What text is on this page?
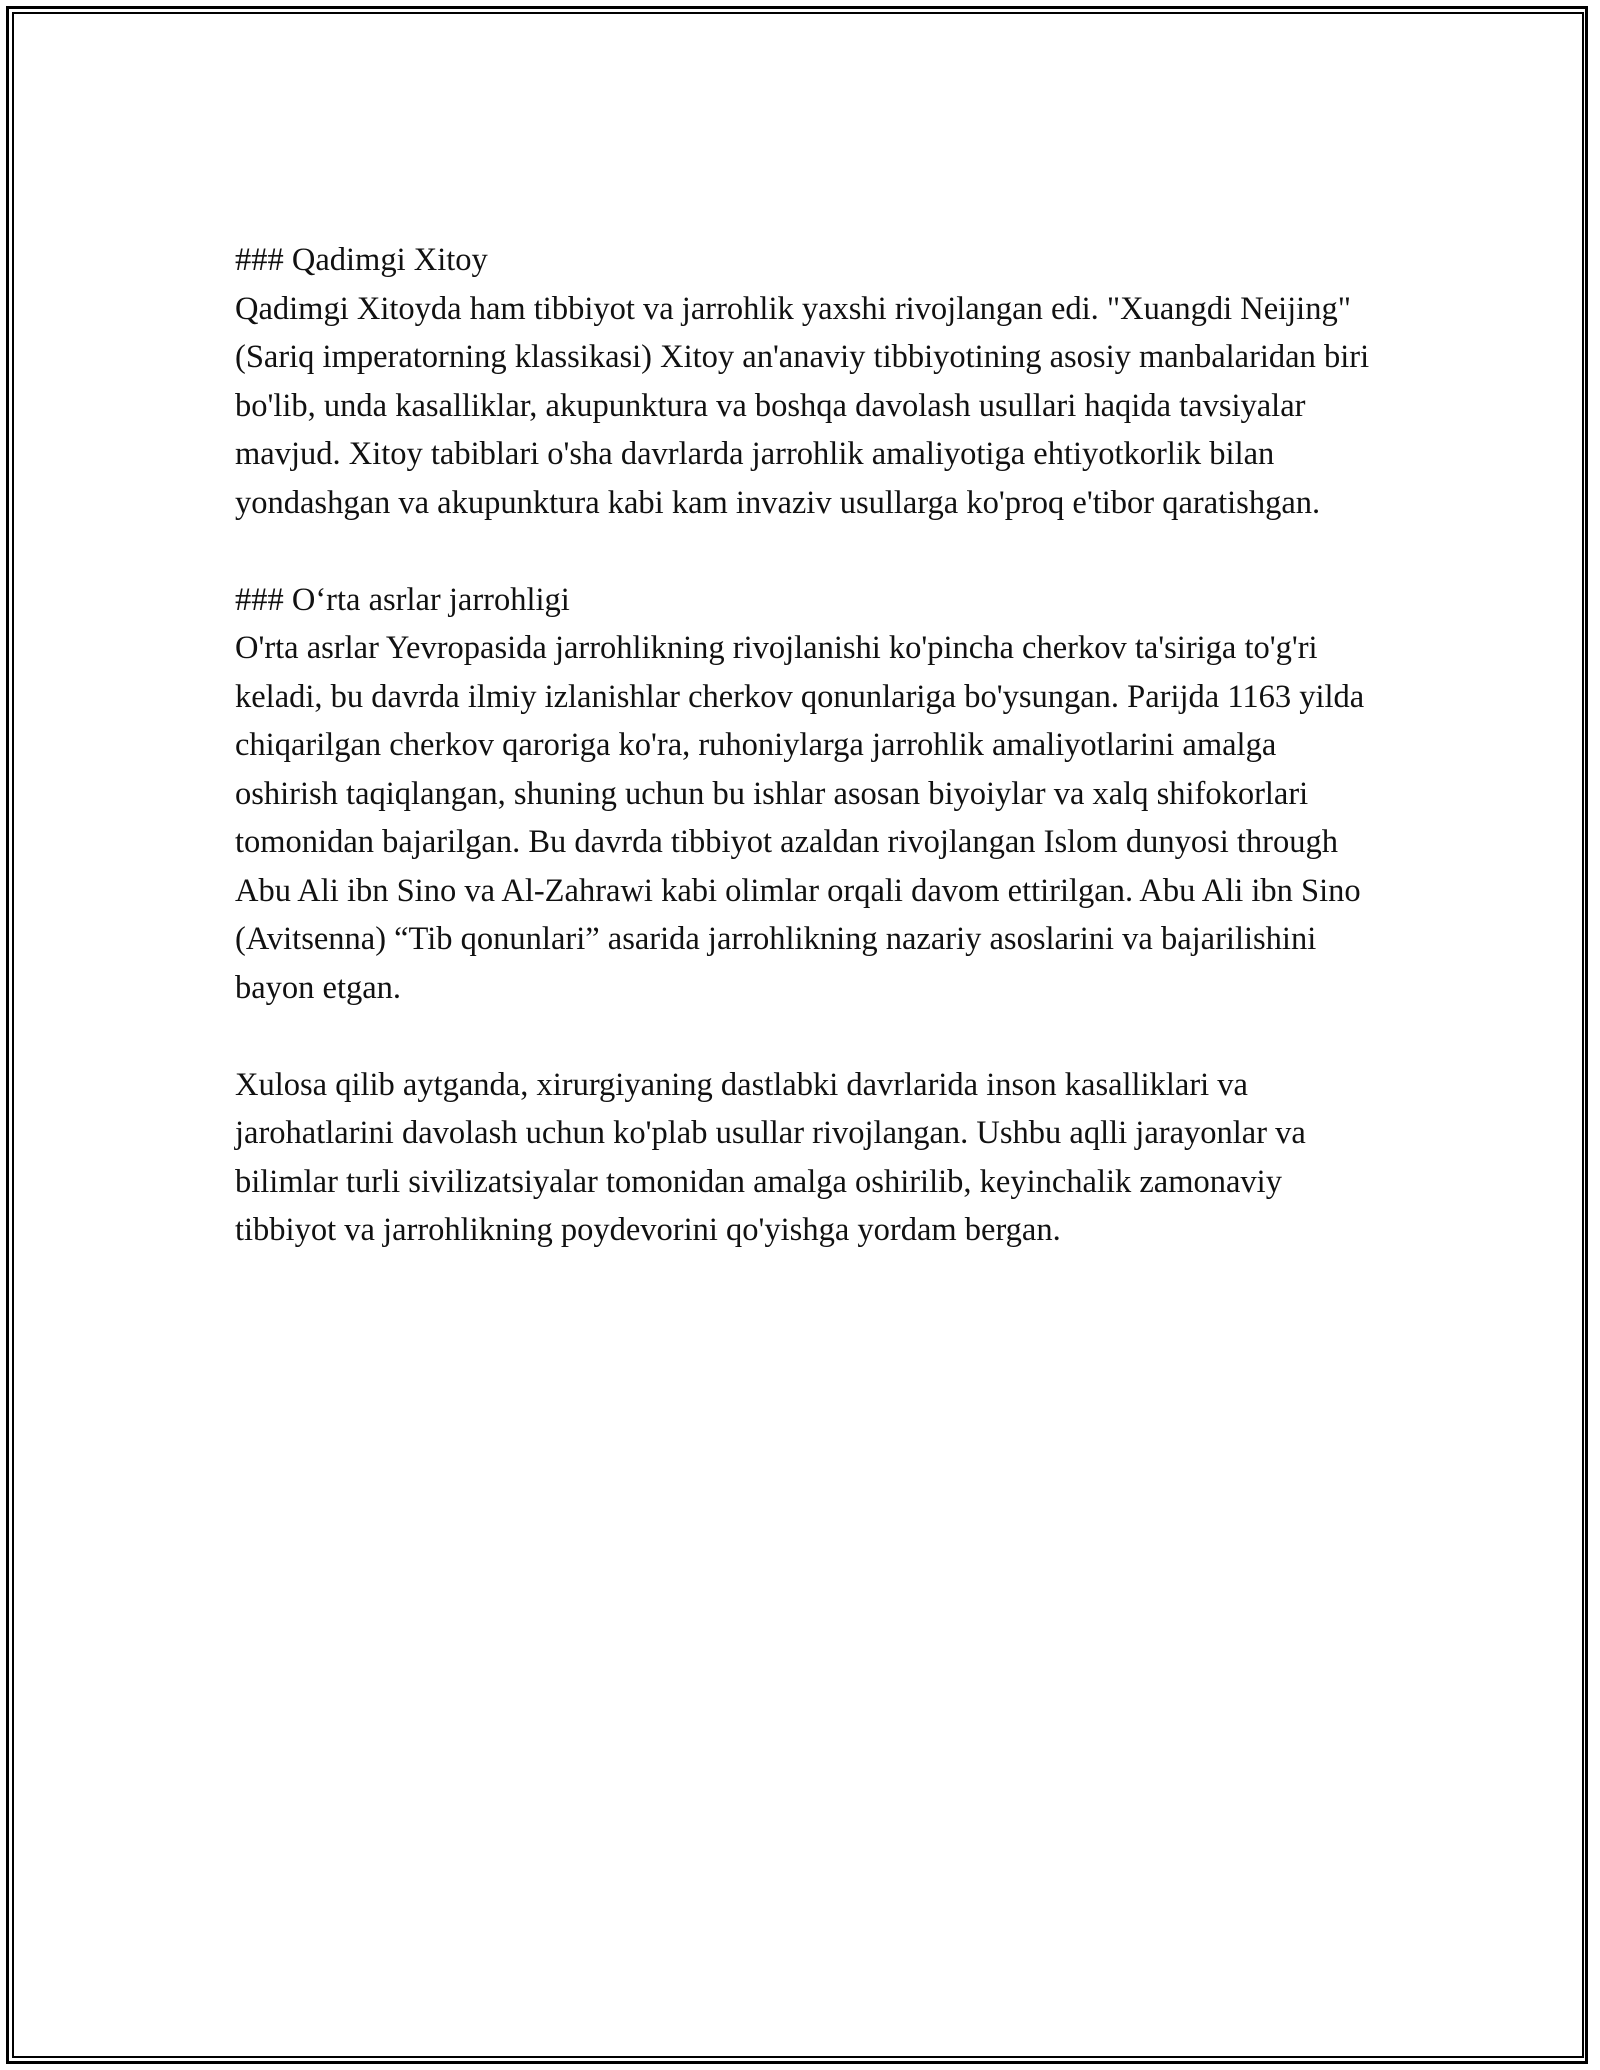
### Qadimgi Xitoy

Qadimgi Xitoyda ham tibbiyot va jarrohlik yaxshi rivojlangan edi. "Xuangdi Neijing" (Sariq imperatorning klassikasi) Xitoy an'anaviy tibbiyotining asosiy manbalaridan biri bo'lib, unda kasalliklar, akupunktura va boshqa davolash usullari haqida tavsiyalar mavjud. Xitoy tabiblari o'sha davrlarda jarrohlik amaliyotiga ehtiyotkorlik bilan yondashgan va akupunktura kabi kam invaziv usullarga ko'proq e'tibor qaratishgan.

### O‘rta asrlar jarrohligi

O'rta asrlar Yevropasida jarrohlikning rivojlanishi ko'pincha cherkov ta'siriga to'g'ri keladi, bu davrda ilmiy izlanishlar cherkov qonunlariga bo'ysungan. Parijda 1163 yilda chiqarilgan cherkov qaroriga ko'ra, ruhoniylarga jarrohlik amaliyotlarini amalga oshirish taqiqlangan, shuning uchun bu ishlar asosan biyoiylar va xalq shifokorlari tomonidan bajarilgan. Bu davrda tibbiyot azaldan rivojlangan Islom dunyosi through Abu Ali ibn Sino va Al-Zahrawi kabi olimlar orqali davom ettirilgan. Abu Ali ibn Sino (Avitsenna) “Tib qonunlari” asarida jarrohlikning nazariy asoslarini va bajarilishini bayon etgan.

Xulosa qilib aytganda, xirurgiyaning dastlabki davrlarida inson kasalliklari va jarohatlarini davolash uchun ko'plab usullar rivojlangan. Ushbu aqlli jarayonlar va bilimlar turli sivilizatsiyalar tomonidan amalga oshirilib, keyinchalik zamonaviy tibbiyot va jarrohlikning poydevorini qo'yishga yordam bergan.
